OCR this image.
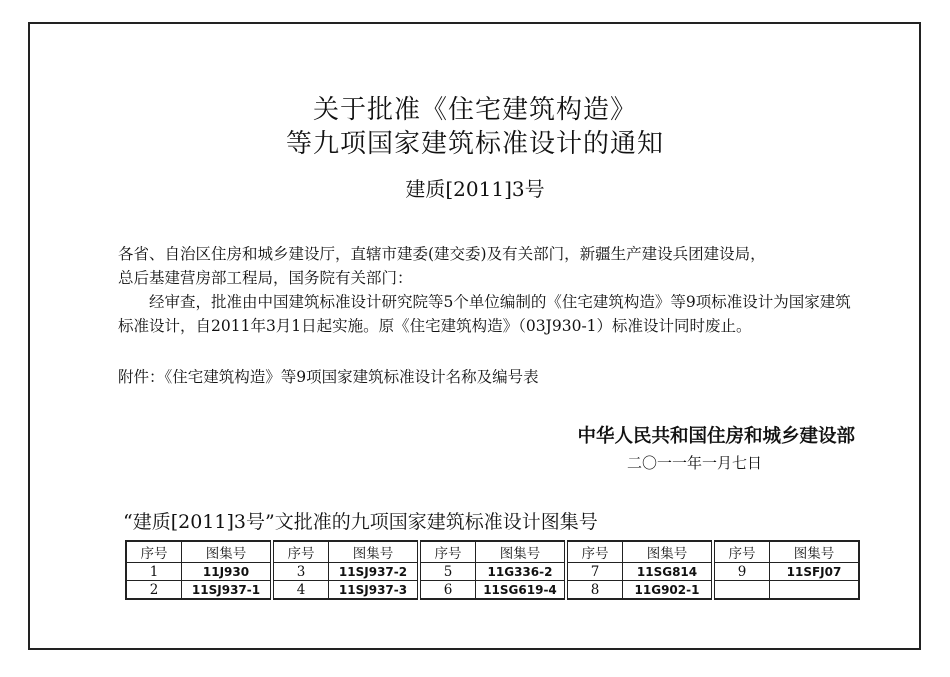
关于批准《住宅建筑构造》
等九项国家建筑标准设计的通知
建质[2011]3号
各省、自治区住房和城乡建设厅，直辖市建委(建交委)及有关部门，新疆生产建设兵团建设局，
总后基建营房部工程局，国务院有关部门：
经审查，批准由中国建筑标准设计研究院等5个单位编制的《住宅建筑构造》等9项标准设计为国家建筑标准设计，自2011年3月1日起实施。原《住宅建筑构造》（03J930-1）标准设计同时废止。
附件：《住宅建筑构造》等9项国家建筑标准设计名称及编号表
中华人民共和国住房和城乡建设部
二〇一一年一月七日
“建质[2011]3号”文批准的九项国家建筑标准设计图集号
序号	图集号	序号	图集号	序号	图集号	序号	图集号	序号	图集号
1	11J930	3	11SJ937-2	5	11G336-2	7	11SG814	9	11SFJ07
2	11SJ937-1	4	11SJ937-3	6	11SG619-4	8	11G902-1		
